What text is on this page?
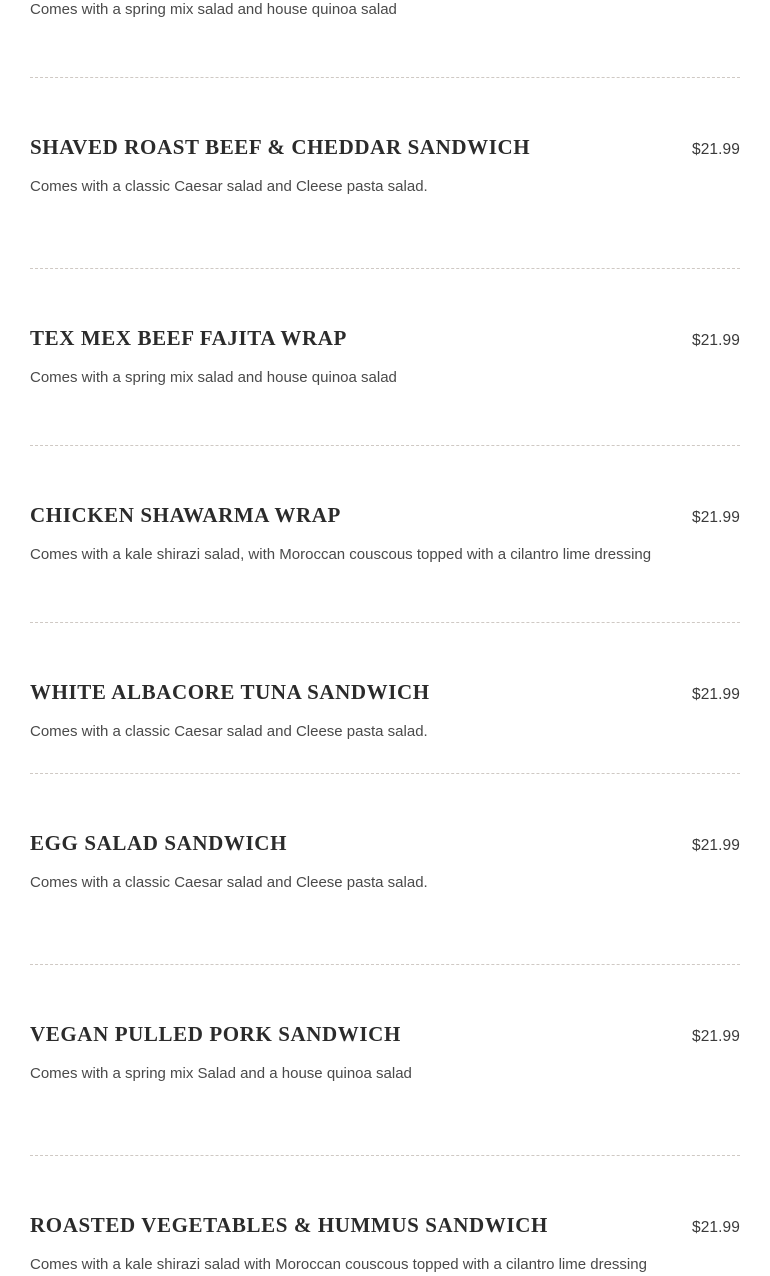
Comes with a spring mix salad and house quinoa salad

SHAVED ROAST BEEF & CHEDDAR SANDWICH	$21.99

Comes with a classic Caesar salad and Cleese pasta salad.

TEX MEX BEEF FAJITA WRAP	$21.99

Comes with a spring mix salad and house quinoa salad

CHICKEN SHAWARMA WRAP	$21.99

Comes with a kale shirazi salad, with Moroccan couscous topped with a cilantro lime dressing

WHITE ALBACORE TUNA SANDWICH	$21.99

Comes with a classic Caesar salad and Cleese pasta salad.

EGG SALAD SANDWICH	$21.99

Comes with a classic Caesar salad and Cleese pasta salad.

VEGAN PULLED PORK SANDWICH	$21.99

Comes with a spring mix Salad and a house quinoa salad

ROASTED VEGETABLES & HUMMUS SANDWICH	$21.99

Comes with a kale shirazi salad with Moroccan couscous topped with a cilantro lime dressing
